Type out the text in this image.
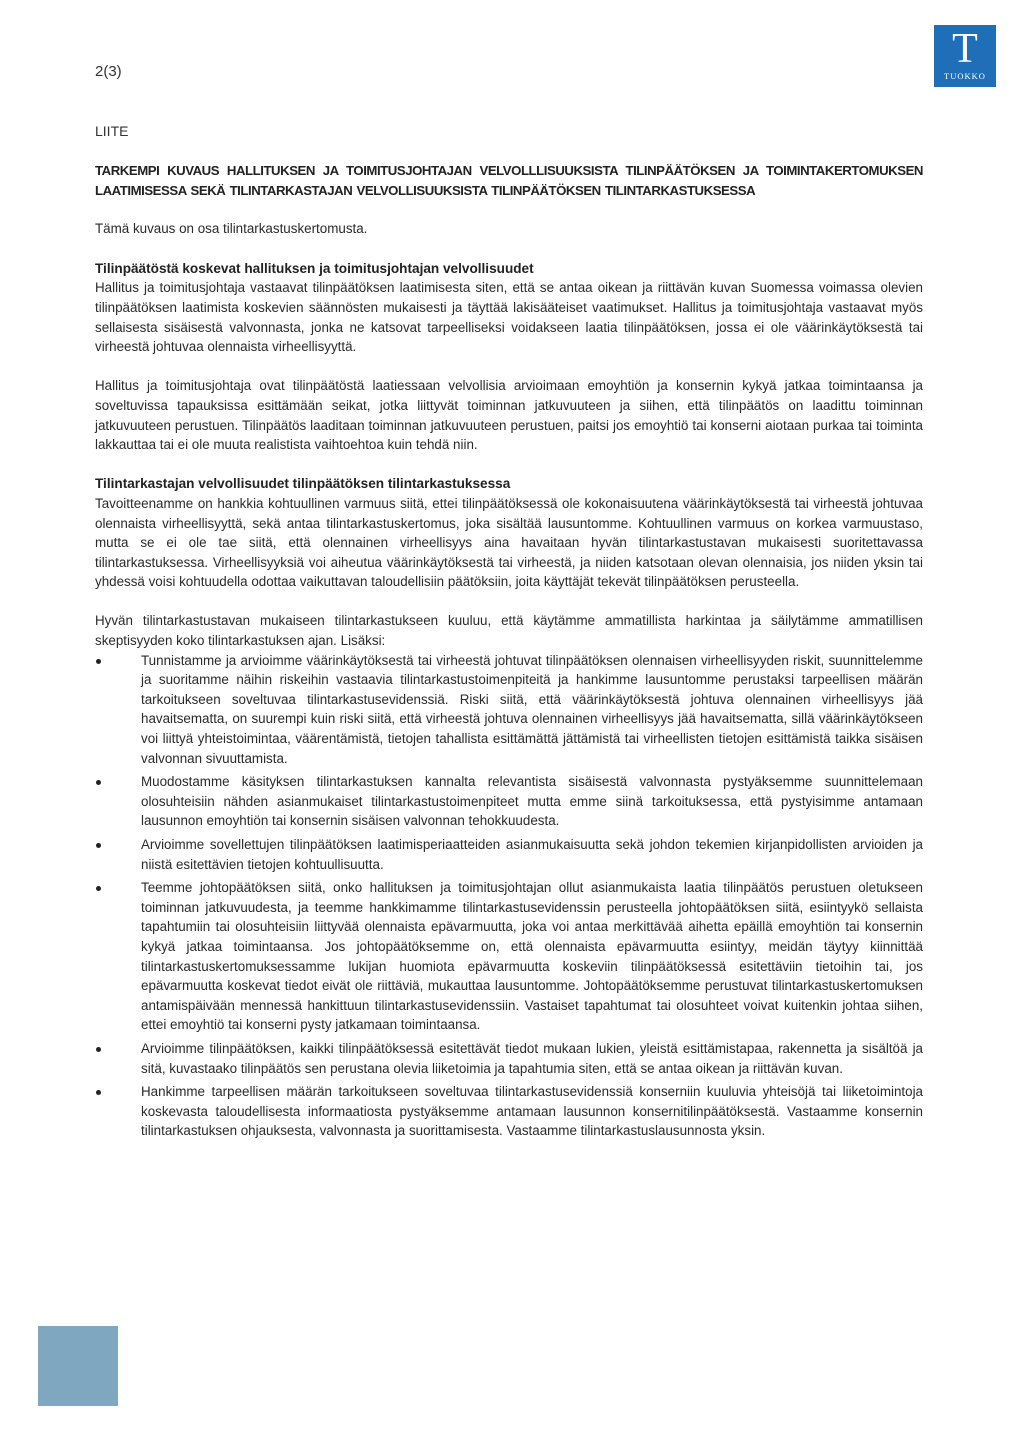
2(3)	T
TUOKKO
LIITE
TARKEMPI KUVAUS HALLITUKSEN JA TOIMITUSJOHTAJAN VELVOLLLISUUKSISTA TILINPÄÄTÖKSEN JA TOIMINTAKERTOMUKSEN LAATIMISESSA SEKÄ TILINTARKASTAJAN VELVOLLISUUKSISTA TILINPÄÄTÖKSEN TILINTARKASTUKSESSA
Tämä kuvaus on osa tilintarkastuskertomusta.
Tilinpäätöstä koskevat hallituksen ja toimitusjohtajan velvollisuudet

Hallitus ja toimitusjohtaja vastaavat tilinpäätöksen laatimisesta siten, että se antaa oikean ja riittävän kuvan Suomessa voimassa olevien tilinpäätöksen laatimista koskevien säännösten mukaisesti ja täyttää lakisääteiset vaatimukset. Hallitus ja toimitusjohtaja vastaavat myös sellaisesta sisäisestä valvonnasta, jonka ne katsovat tarpeelliseksi voidakseen laatia tilinpäätöksen, jossa ei ole väärinkäytöksestä tai virheestä johtuvaa olennaista virheellisyyttä.

Hallitus ja toimitusjohtaja ovat tilinpäätöstä laatiessaan velvollisia arvioimaan emoyhtiön ja konsernin kykyä jatkaa toimintaansa ja soveltuvissa tapauksissa esittämään seikat, jotka liittyvät toiminnan jatkuvuuteen ja siihen, että tilinpäätös on laadittu toiminnan jatkuvuuteen perustuen. Tilinpäätös laaditaan toiminnan jatkuvuuteen perustuen, paitsi jos emoyhtiö tai konserni aiotaan purkaa tai toiminta lakkauttaa tai ei ole muuta realistista vaihtoehtoa kuin tehdä niin.

Tilintarkastajan velvollisuudet tilinpäätöksen tilintarkastuksessa

Tavoitteenamme on hankkia kohtuullinen varmuus siitä, ettei tilinpäätöksessä ole kokonaisuutena väärinkäytöksestä tai virheestä johtuvaa olennaista virheellisyyttä, sekä antaa tilintarkastuskertomus, joka sisältää lausuntomme. Kohtuullinen varmuus on korkea varmuustaso, mutta se ei ole tae siitä, että olennainen virheellisyys aina havaitaan hyvän tilintarkastustavan mukaisesti suoritettavassa tilintarkastuksessa. Virheellisyyksiä voi aiheutua väärinkäytöksestä tai virheestä, ja niiden katsotaan olevan olennaisia, jos niiden yksin tai yhdessä voisi kohtuudella odottaa vaikuttavan taloudellisiin päätöksiin, joita käyttäjät tekevät tilinpäätöksen perusteella.

Hyvän tilintarkastustavan mukaiseen tilintarkastukseen kuuluu, että käytämme ammatillista harkintaa ja säilytämme ammatillisen skeptisyyden koko tilintarkastuksen ajan. Lisäksi:

Tunnistamme ja arvioimme väärinkäytöksestä tai virheestä johtuvat tilinpäätöksen olennaisen virheellisyyden riskit, suunnittelemme ja suoritamme näihin riskeihin vastaavia tilintarkastustoimenpiteitä ja hankimme lausuntomme perustaksi tarpeellisen määrän tarkoitukseen soveltuvaa tilintarkastusevidenssiä. Riski siitä, että väärinkäytöksestä johtuva olennainen virheellisyys jää havaitsematta, on suurempi kuin riski siitä, että virheestä johtuva olennainen virheellisyys jää havaitsematta, sillä väärinkäytökseen voi liittyä yhteistoimintaa, väärentämistä, tietojen tahallista esittämättä jättämistä tai virheellisten tietojen esittämistä taikka sisäisen valvonnan sivuuttamista.
Muodostamme käsityksen tilintarkastuksen kannalta relevantista sisäisestä valvonnasta pystyäksemme suunnittelemaan olosuhteisiin nähden asianmukaiset tilintarkastustoimenpiteet mutta emme siinä tarkoituksessa, että pystyisimme antamaan lausunnon emoyhtiön tai konsernin sisäisen valvonnan tehokkuudesta.
Arvioimme sovellettujen tilinpäätöksen laatimisperiaatteiden asianmukaisuutta sekä johdon tekemien kirjanpidollisten arvioiden ja niistä esitettävien tietojen kohtuullisuutta.
Teemme johtopäätöksen siitä, onko hallituksen ja toimitusjohtajan ollut asianmukaista laatia tilinpäätös perustuen oletukseen toiminnan jatkuvuudesta, ja teemme hankkimamme tilintarkastusevidenssin perusteella johtopäätöksen siitä, esiintyykö sellaista tapahtumiin tai olosuhteisiin liittyvää olennaista epävarmuutta, joka voi antaa merkittävää aihetta epäillä emoyhtiön tai konsernin kykyä jatkaa toimintaansa. Jos johtopäätöksemme on, että olennaista epävarmuutta esiintyy, meidän täytyy kiinnittää tilintarkastuskertomuksessamme lukijan huomiota epävarmuutta koskeviin tilinpäätöksessä esitettäviin tietoihin tai, jos epävarmuutta koskevat tiedot eivät ole riittäviä, mukauttaa lausuntomme. Johtopäätöksemme perustuvat tilintarkastuskertomuksen antamispäivään mennessä hankittuun tilintarkastusevidenssiin. Vastaiset tapahtumat tai olosuhteet voivat kuitenkin johtaa siihen, ettei emoyhtiö tai konserni pysty jatkamaan toimintaansa.
Arvioimme tilinpäätöksen, kaikki tilinpäätöksessä esitettävät tiedot mukaan lukien, yleistä esittämistapaa, rakennetta ja sisältöä ja sitä, kuvastaako tilinpäätös sen perustana olevia liiketoimia ja tapahtumia siten, että se antaa oikean ja riittävän kuvan.
Hankimme tarpeellisen määrän tarkoitukseen soveltuvaa tilintarkastusevidenssiä konserniin kuuluvia yhteisöjä tai liiketoimintoja koskevasta taloudellisesta informaatiosta pystyäksemme antamaan lausunnon konsernitilinpäätöksestä. Vastaamme konsernin tilintarkastuksen ohjauksesta, valvonnasta ja suorittamisesta. Vastaamme tilintarkastuslausunnosta yksin.
